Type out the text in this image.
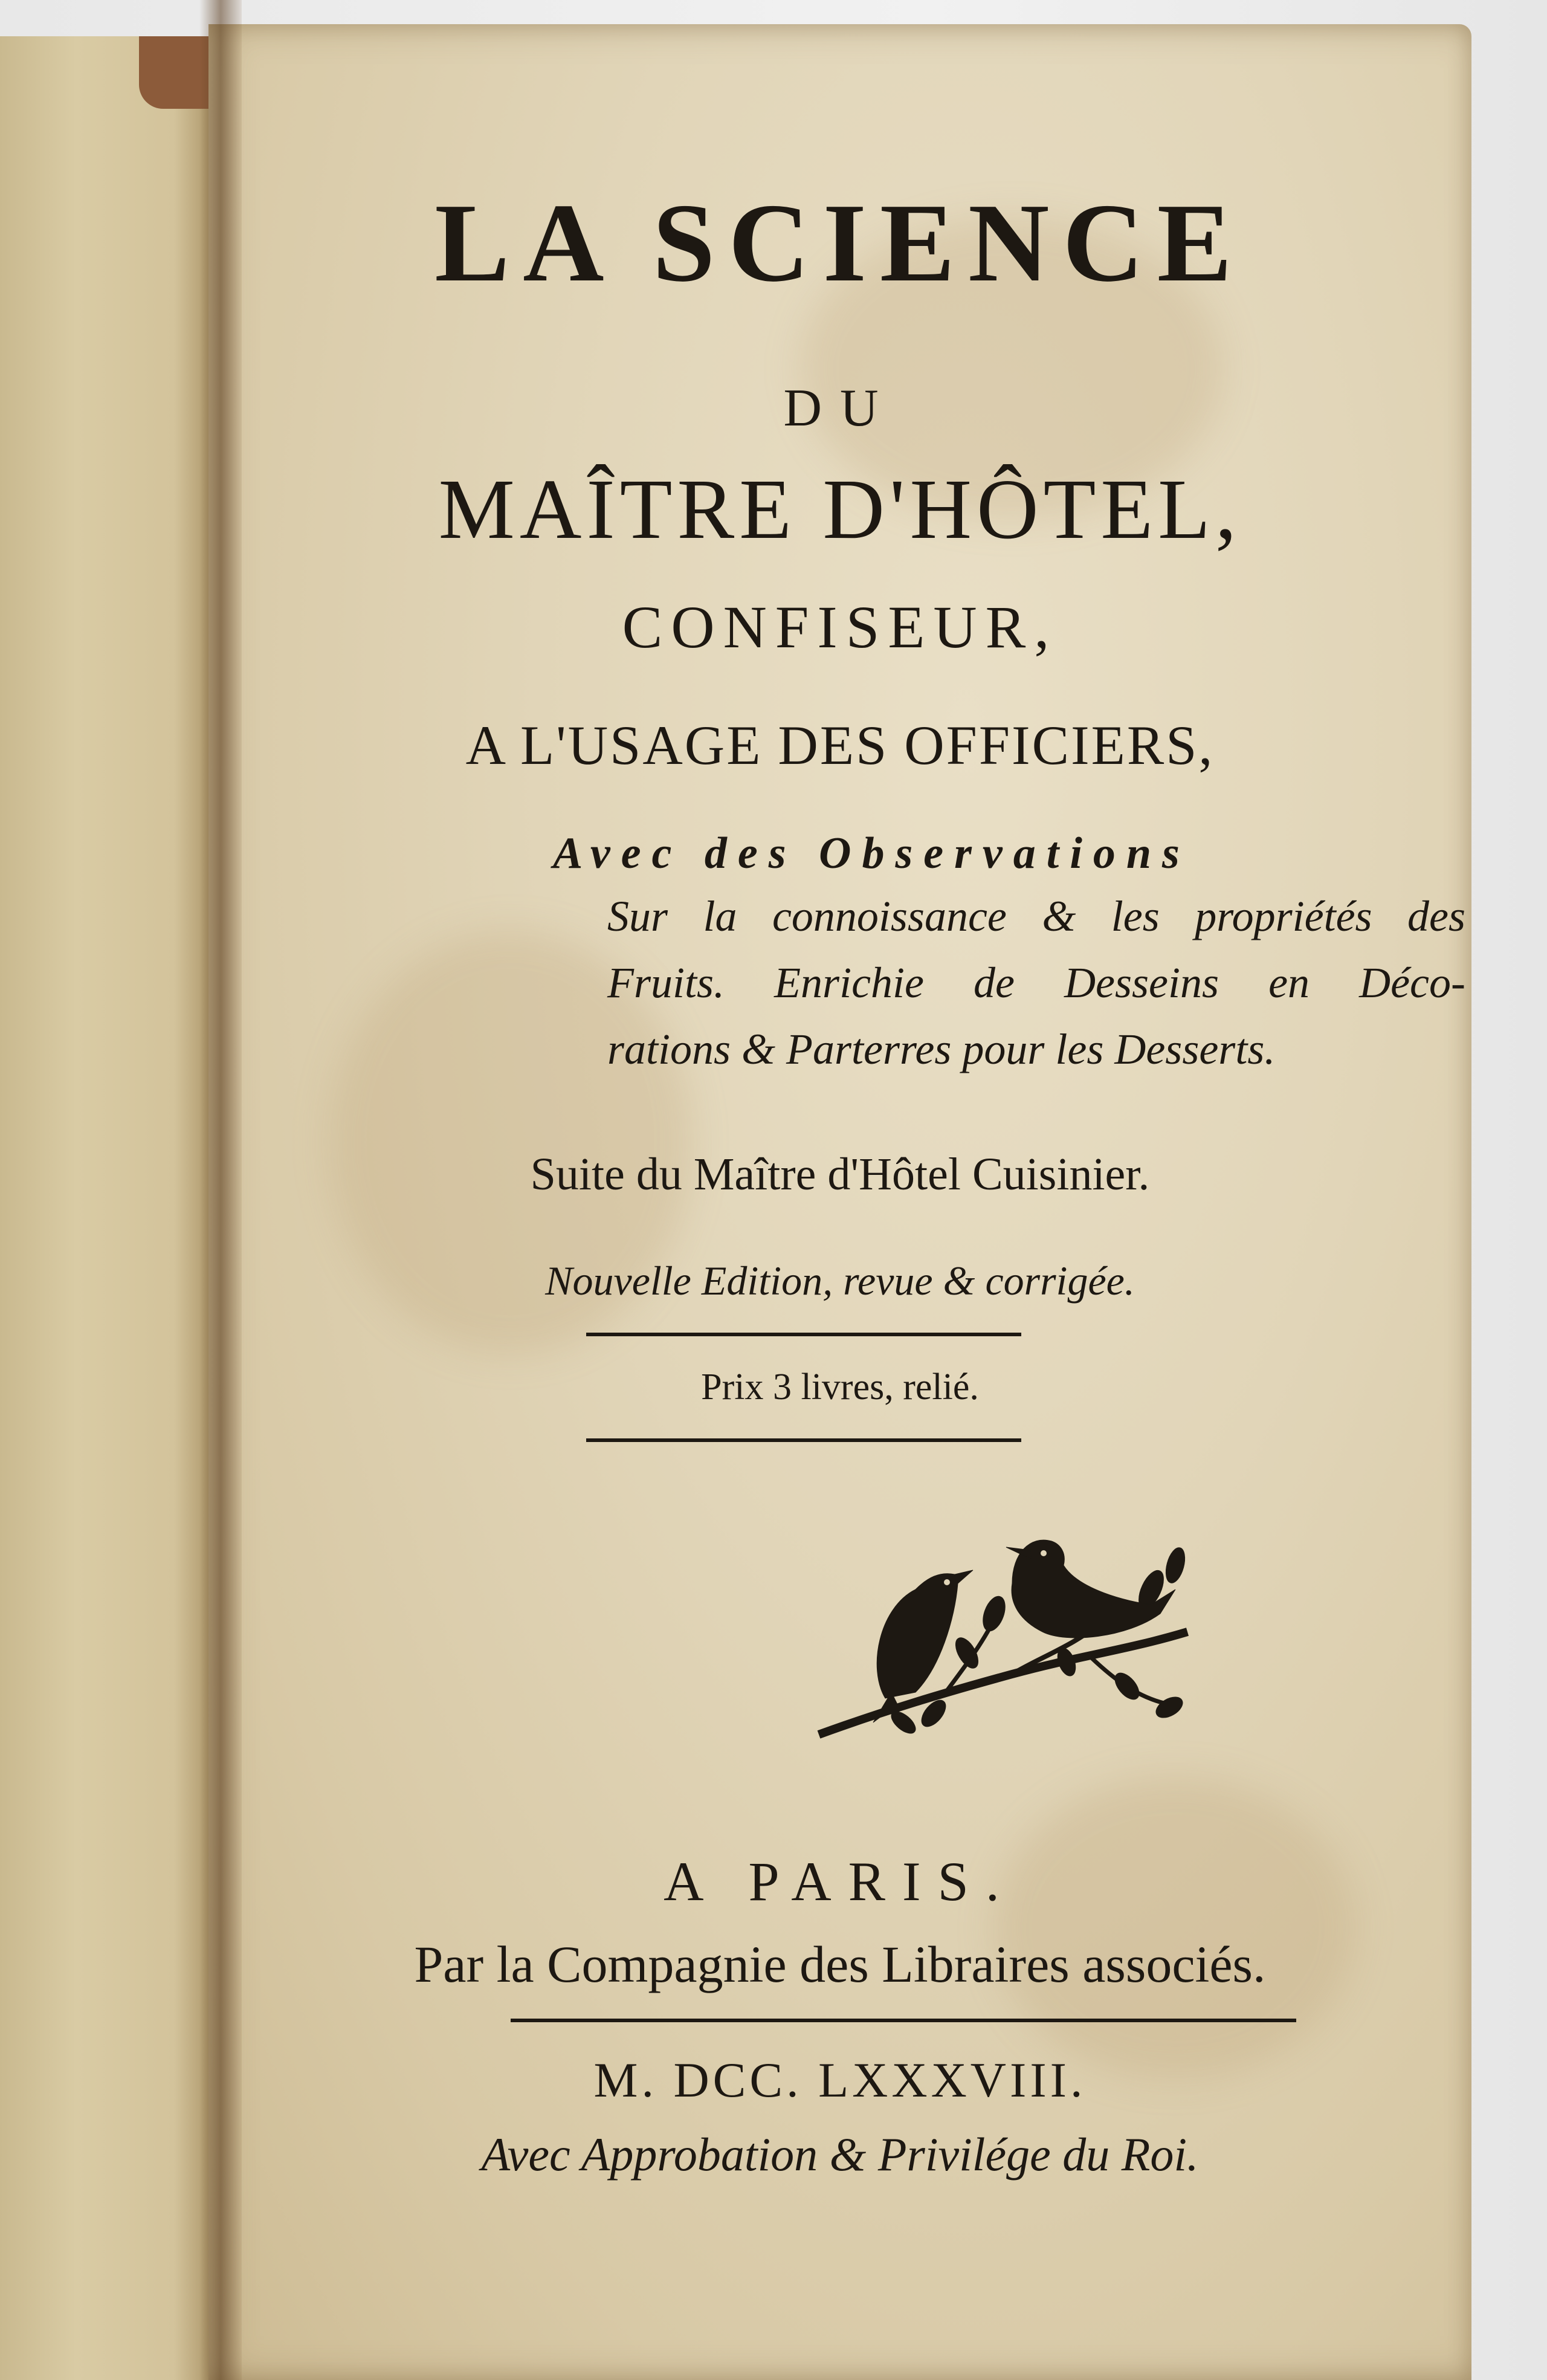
LA SCIENCE
DU
MAÎTRE D'HÔTEL,
CONFISEUR,
A L'USAGE DES OFFICIERS,
Avec des Observations
Sur la connoissance & les propriétés des
Fruits. Enrichie de Desseins en Déco-
rations & Parterres pour les Desserts.
Suite du Maître d'Hôtel Cuisinier.
Nouvelle Edition, revue & corrigée.
Prix 3 livres, relié.
A PARIS.
Par la Compagnie des Libraires associés.
M. DCC. LXXXVIII.
Avec Approbation & Privilége du Roi.
